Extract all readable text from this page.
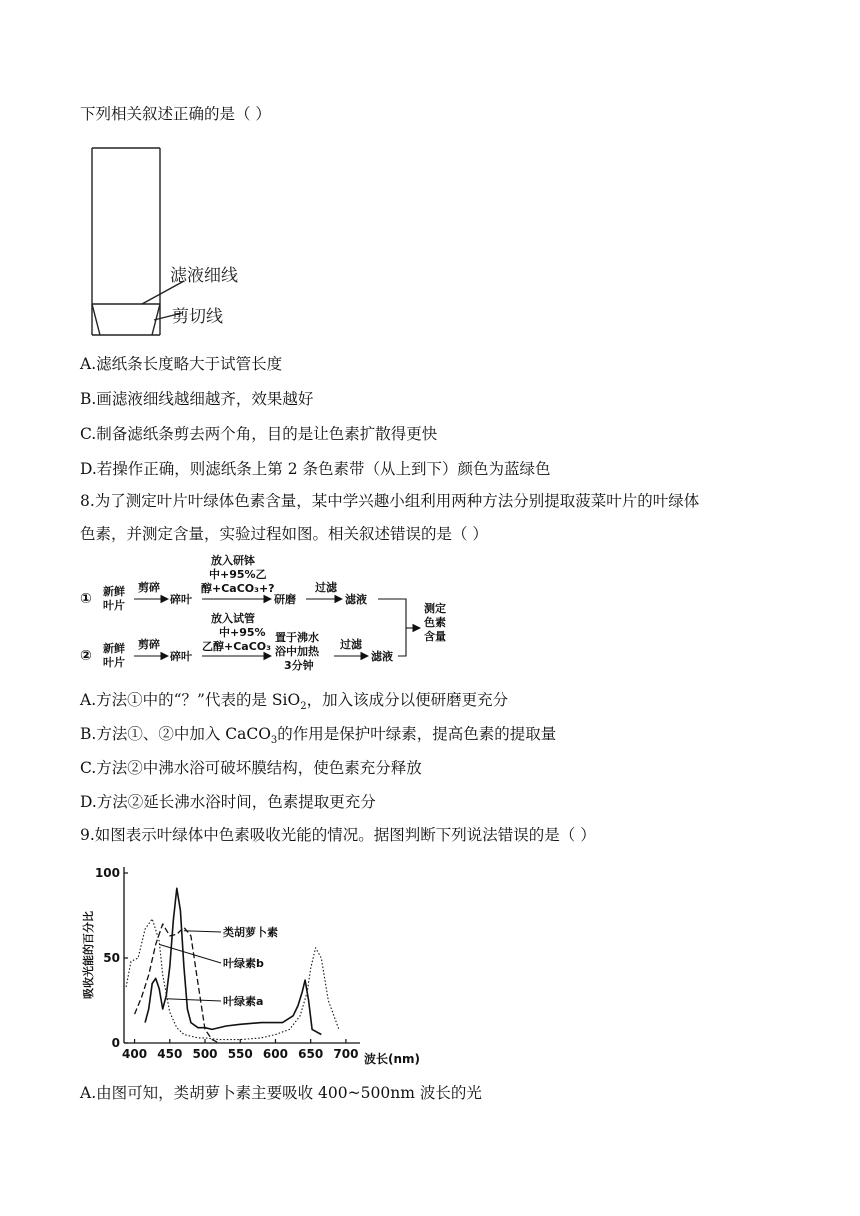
下列相关叙述正确的是（ ）
滤液细线
剪切线
A.滤纸条长度略大于试管长度
B.画滤液细线越细越齐，效果越好
C.制备滤纸条剪去两个角，目的是让色素扩散得更快
D.若操作正确，则滤纸条上第 2 条色素带（从上到下）颜色为蓝绿色
8.为了测定叶片叶绿体色素含量，某中学兴趣小组利用两种方法分别提取菠菜叶片的叶绿体
色素，并测定含量，实验过程如图。相关叙述错误的是（ ）
① 新鲜
叶片
剪碎
碎叶
放入研钵
中+95%乙
醇+CaCO₃+?
研磨
过滤
滤液
② 新鲜
叶片
剪碎
碎叶
放入试管
中+95%
乙醇+CaCO₃
置于沸水
浴中加热
3分钟
过滤
滤液
测定
色素
含量
A.方法①中的“？”代表的是 SiO$_2$，加入该成分以便研磨更充分
B.方法①、②中加入 CaCO$_3$的作用是保护叶绿素，提高色素的提取量
C.方法②中沸水浴可破坏膜结构，使色素充分释放
D.方法②延长沸水浴时间，色素提取更充分
9.如图表示叶绿体中色素吸收光能的情况。据图判断下列说法错误的是（ ）
吸收光能的百分比
波长(nm)
400 450 500 550 600 650 700
100
50
0
类胡萝卜素
叶绿素b
叶绿素a
A.由图可知，类胡萝卜素主要吸收 400~500nm 波长的光
